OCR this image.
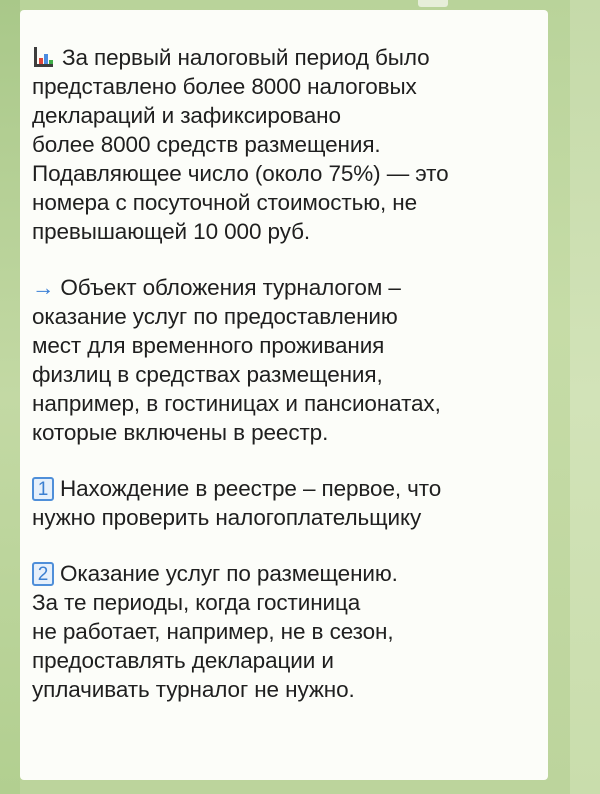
За первый налоговый период было
представлено более 8000 налоговых
деклараций и зафиксировано
более 8000 средств размещения.
Подавляющее число (около 75%) — это
номера с посуточной стоимостью, не
превышающей 10 000 руб.

→ Объект обложения турналогом –
оказание услуг по предоставлению
мест для временного проживания
физлиц в средствах размещения,
например, в гостиницах и пансионатах,
которые включены в реестр.

1 Нахождение в реестре – первое, что
нужно проверить налогоплательщику

2 Оказание услуг по размещению.
За те периоды, когда гостиница
не работает, например, не в сезон,
предоставлять декларации и
уплачивать турналог не нужно.
